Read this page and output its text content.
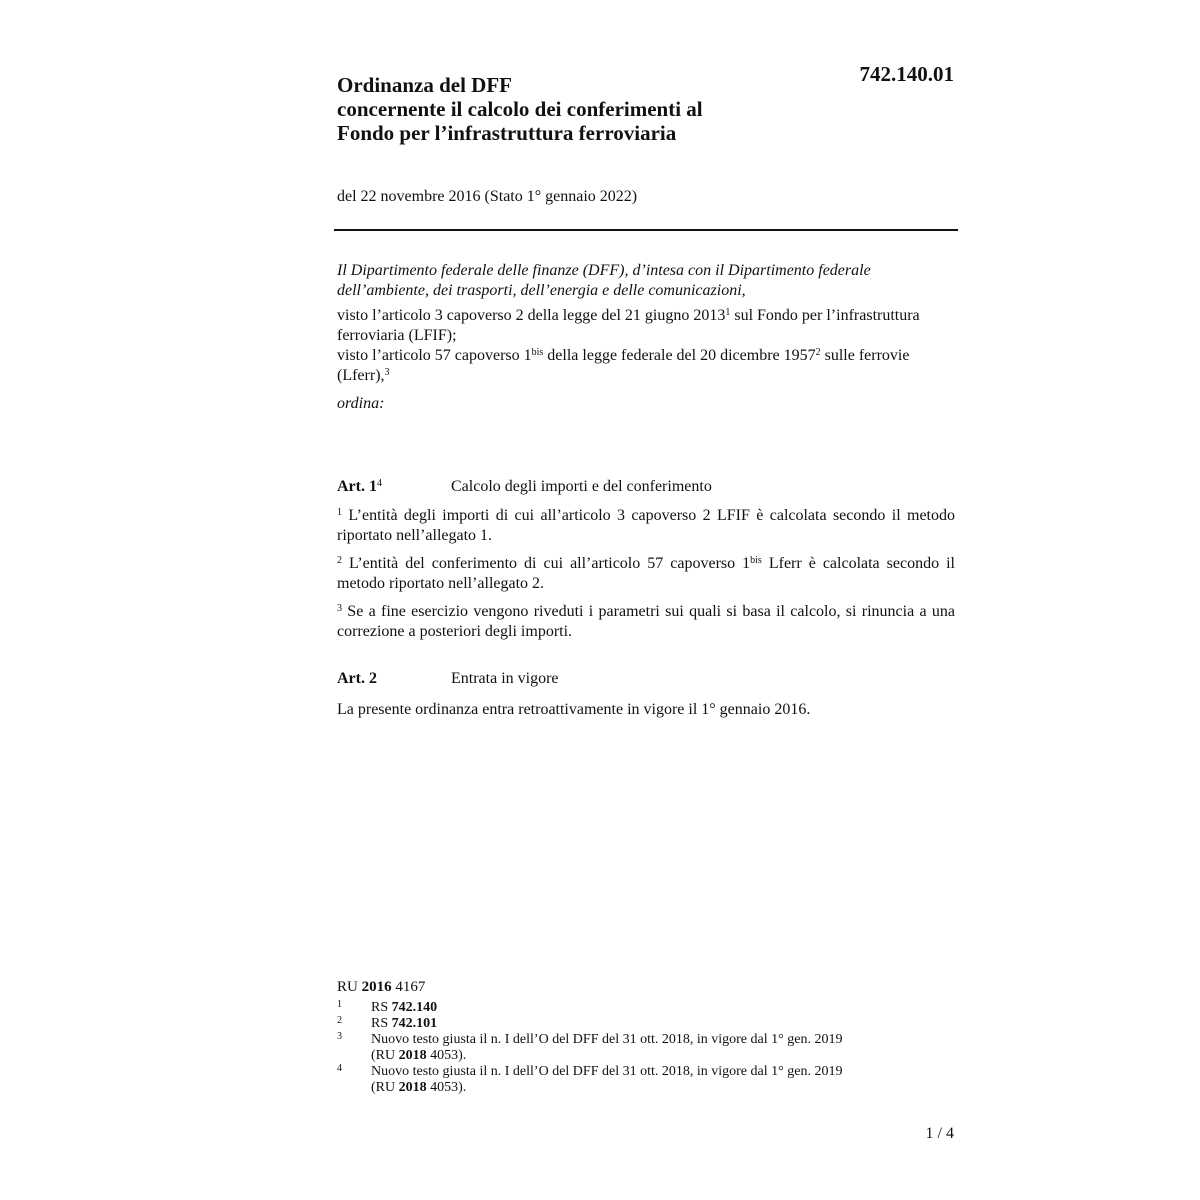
742.140.01
Ordinanza del DFF
concernente il calcolo dei conferimenti al
Fondo per l’infrastruttura ferroviaria
del 22 novembre 2016 (Stato 1° gennaio 2022)
Il Dipartimento federale delle finanze (DFF), d’intesa con il Dipartimento federale dell’ambiente, dei trasporti, dell’energia e delle comunicazioni,
visto l’articolo 3 capoverso 2 della legge del 21 giugno 2013$^1$ sul Fondo per l’infrastruttura ferroviaria (LFIF);
visto l’articolo 57 capoverso $1^{bis}$ della legge federale del 20 dicembre 1957$^2$ sulle ferrovie (Lferr),$^3$
ordina:
Art. $1^4$	Calcolo degli importi e del conferimento
$^1$ L’entità degli importi di cui all’articolo 3 capoverso 2 LFIF è calcolata secondo il metodo riportato nell’allegato 1.
$^2$ L’entità del conferimento di cui all’articolo 57 capoverso $1^{bis}$ Lferr è calcolata secondo il metodo riportato nell’allegato 2.
$^3$ Se a fine esercizio vengono riveduti i parametri sui quali si basa il calcolo, si rinuncia a una correzione a posteriori degli importi.
Art. 2	Entrata in vigore
La presente ordinanza entra retroattivamente in vigore il 1° gennaio 2016.
RU 2016 4167
1 RS 742.140
2 RS 742.101
3 Nuovo testo giusta il n. I dell’O del DFF del 31 ott. 2018, in vigore dal 1° gen. 2019
(RU 2018 4053).
4 Nuovo testo giusta il n. I dell’O del DFF del 31 ott. 2018, in vigore dal 1° gen. 2019
(RU 2018 4053).
1 / 4
